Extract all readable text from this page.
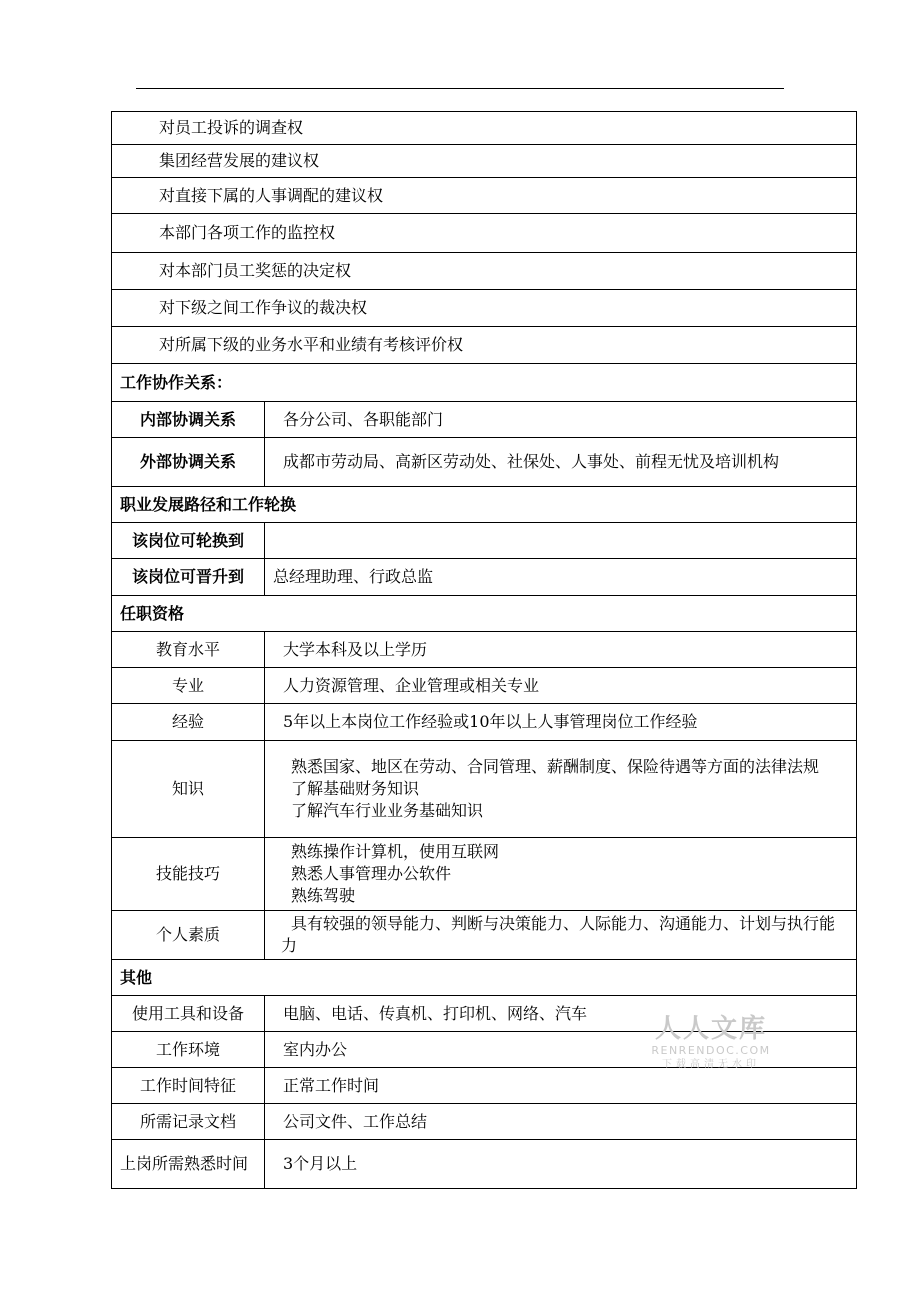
对员工投诉的调查权	
集团经营发展的建议权	
对直接下属的人事调配的建议权	
本部门各项工作的监控权	
对本部门员工奖惩的决定权	
对下级之间工作争议的裁决权	
对所属下级的业务水平和业绩有考核评价权	
工作协作关系：	
内部协调关系	各分公司、各职能部门
外部协调关系	成都市劳动局、高新区劳动处、社保处、人事处、前程无忧及培训机构

职业发展路径和工作轮换	
该岗位可轮换到	
该岗位可晋升到	总经理助理、行政总监
任职资格	
教育水平	大学本科及以上学历
专业	人力资源管理、企业管理或相关专业
经验	5年以上本岗位工作经验或10年以上人事管理岗位工作经验
知识	熟悉国家、地区在劳动、合同管理、薪酬制度、保险待遇等方面的法律法规
了解基础财务知识
了解汽车行业业务基础知识

技能技巧	熟练操作计算机，使用互联网
熟悉人事管理办公软件
熟练驾驶

个人素质	具有较强的领导能力、判断与决策能力、人际能力、沟通能力、计划与执行能力

其他	
使用工具和设备	电脑、电话、传真机、打印机、网络、汽车
工作环境	室内办公
工作时间特征	正常工作时间
所需记录文档	公司文件、工作总结
上岗所需熟悉时间	3个月以上
人人文库
RENRENDOC.COM
下载高清无水印
